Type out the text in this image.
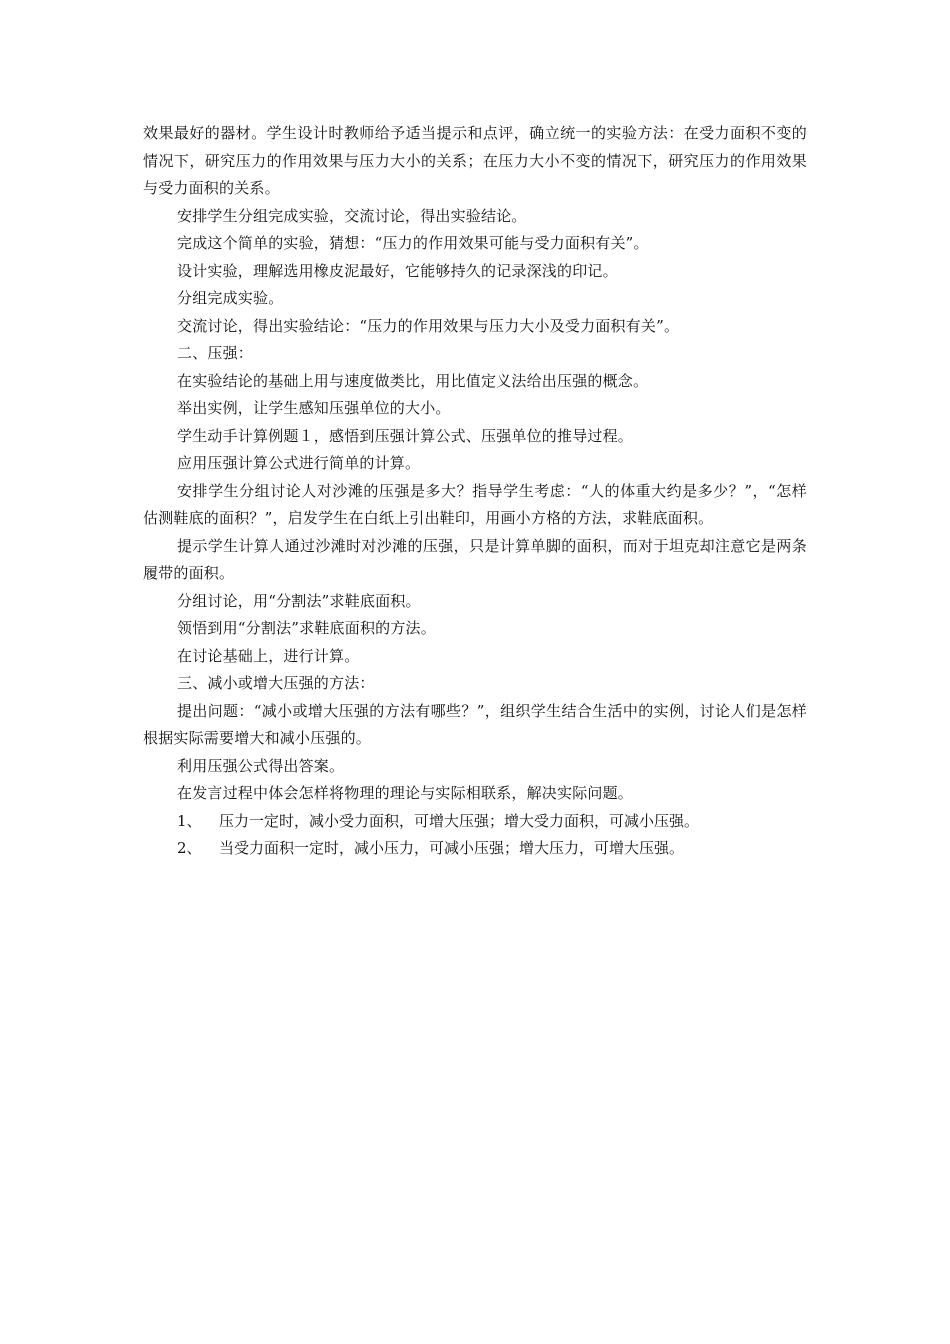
效果最好的器材。学生设计时教师给予适当提示和点评，确立统一的实验方法：在受力面积不变的情况下，研究压力的作用效果与压力大小的关系；在压力大小不变的情况下，研究压力的作用效果与受力面积的关系。

安排学生分组完成实验，交流讨论，得出实验结论。

完成这个简单的实验，猜想：“压力的作用效果可能与受力面积有关”。

设计实验，理解选用橡皮泥最好，它能够持久的记录深浅的印记。

分组完成实验。

交流讨论，得出实验结论：“压力的作用效果与压力大小及受力面积有关”。

二、压强：

在实验结论的基础上用与速度做类比，用比值定义法给出压强的概念。

举出实例，让学生感知压强单位的大小。

学生动手计算例题１，感悟到压强计算公式、压强单位的推导过程。

应用压强计算公式进行简单的计算。

安排学生分组讨论人对沙滩的压强是多大？指导学生考虑：“人的体重大约是多少？”，“怎样估测鞋底的面积？”，启发学生在白纸上引出鞋印，用画小方格的方法，求鞋底面积。

提示学生计算人通过沙滩时对沙滩的压强，只是计算单脚的面积，而对于坦克却注意它是两条履带的面积。

分组讨论，用“分割法”求鞋底面积。

领悟到用“分割法”求鞋底面积的方法。

在讨论基础上，进行计算。

三、减小或增大压强的方法：

提出问题：“减小或增大压强的方法有哪些？”，组织学生结合生活中的实例，讨论人们是怎样根据实际需要增大和减小压强的。

利用压强公式得出答案。

在发言过程中体会怎样将物理的理论与实际相联系，解决实际问题。

1、	压力一定时，减小受力面积，可增大压强；增大受力面积，可减小压强。
2、	当受力面积一定时，减小压力，可减小压强；增大压力，可增大压强。
